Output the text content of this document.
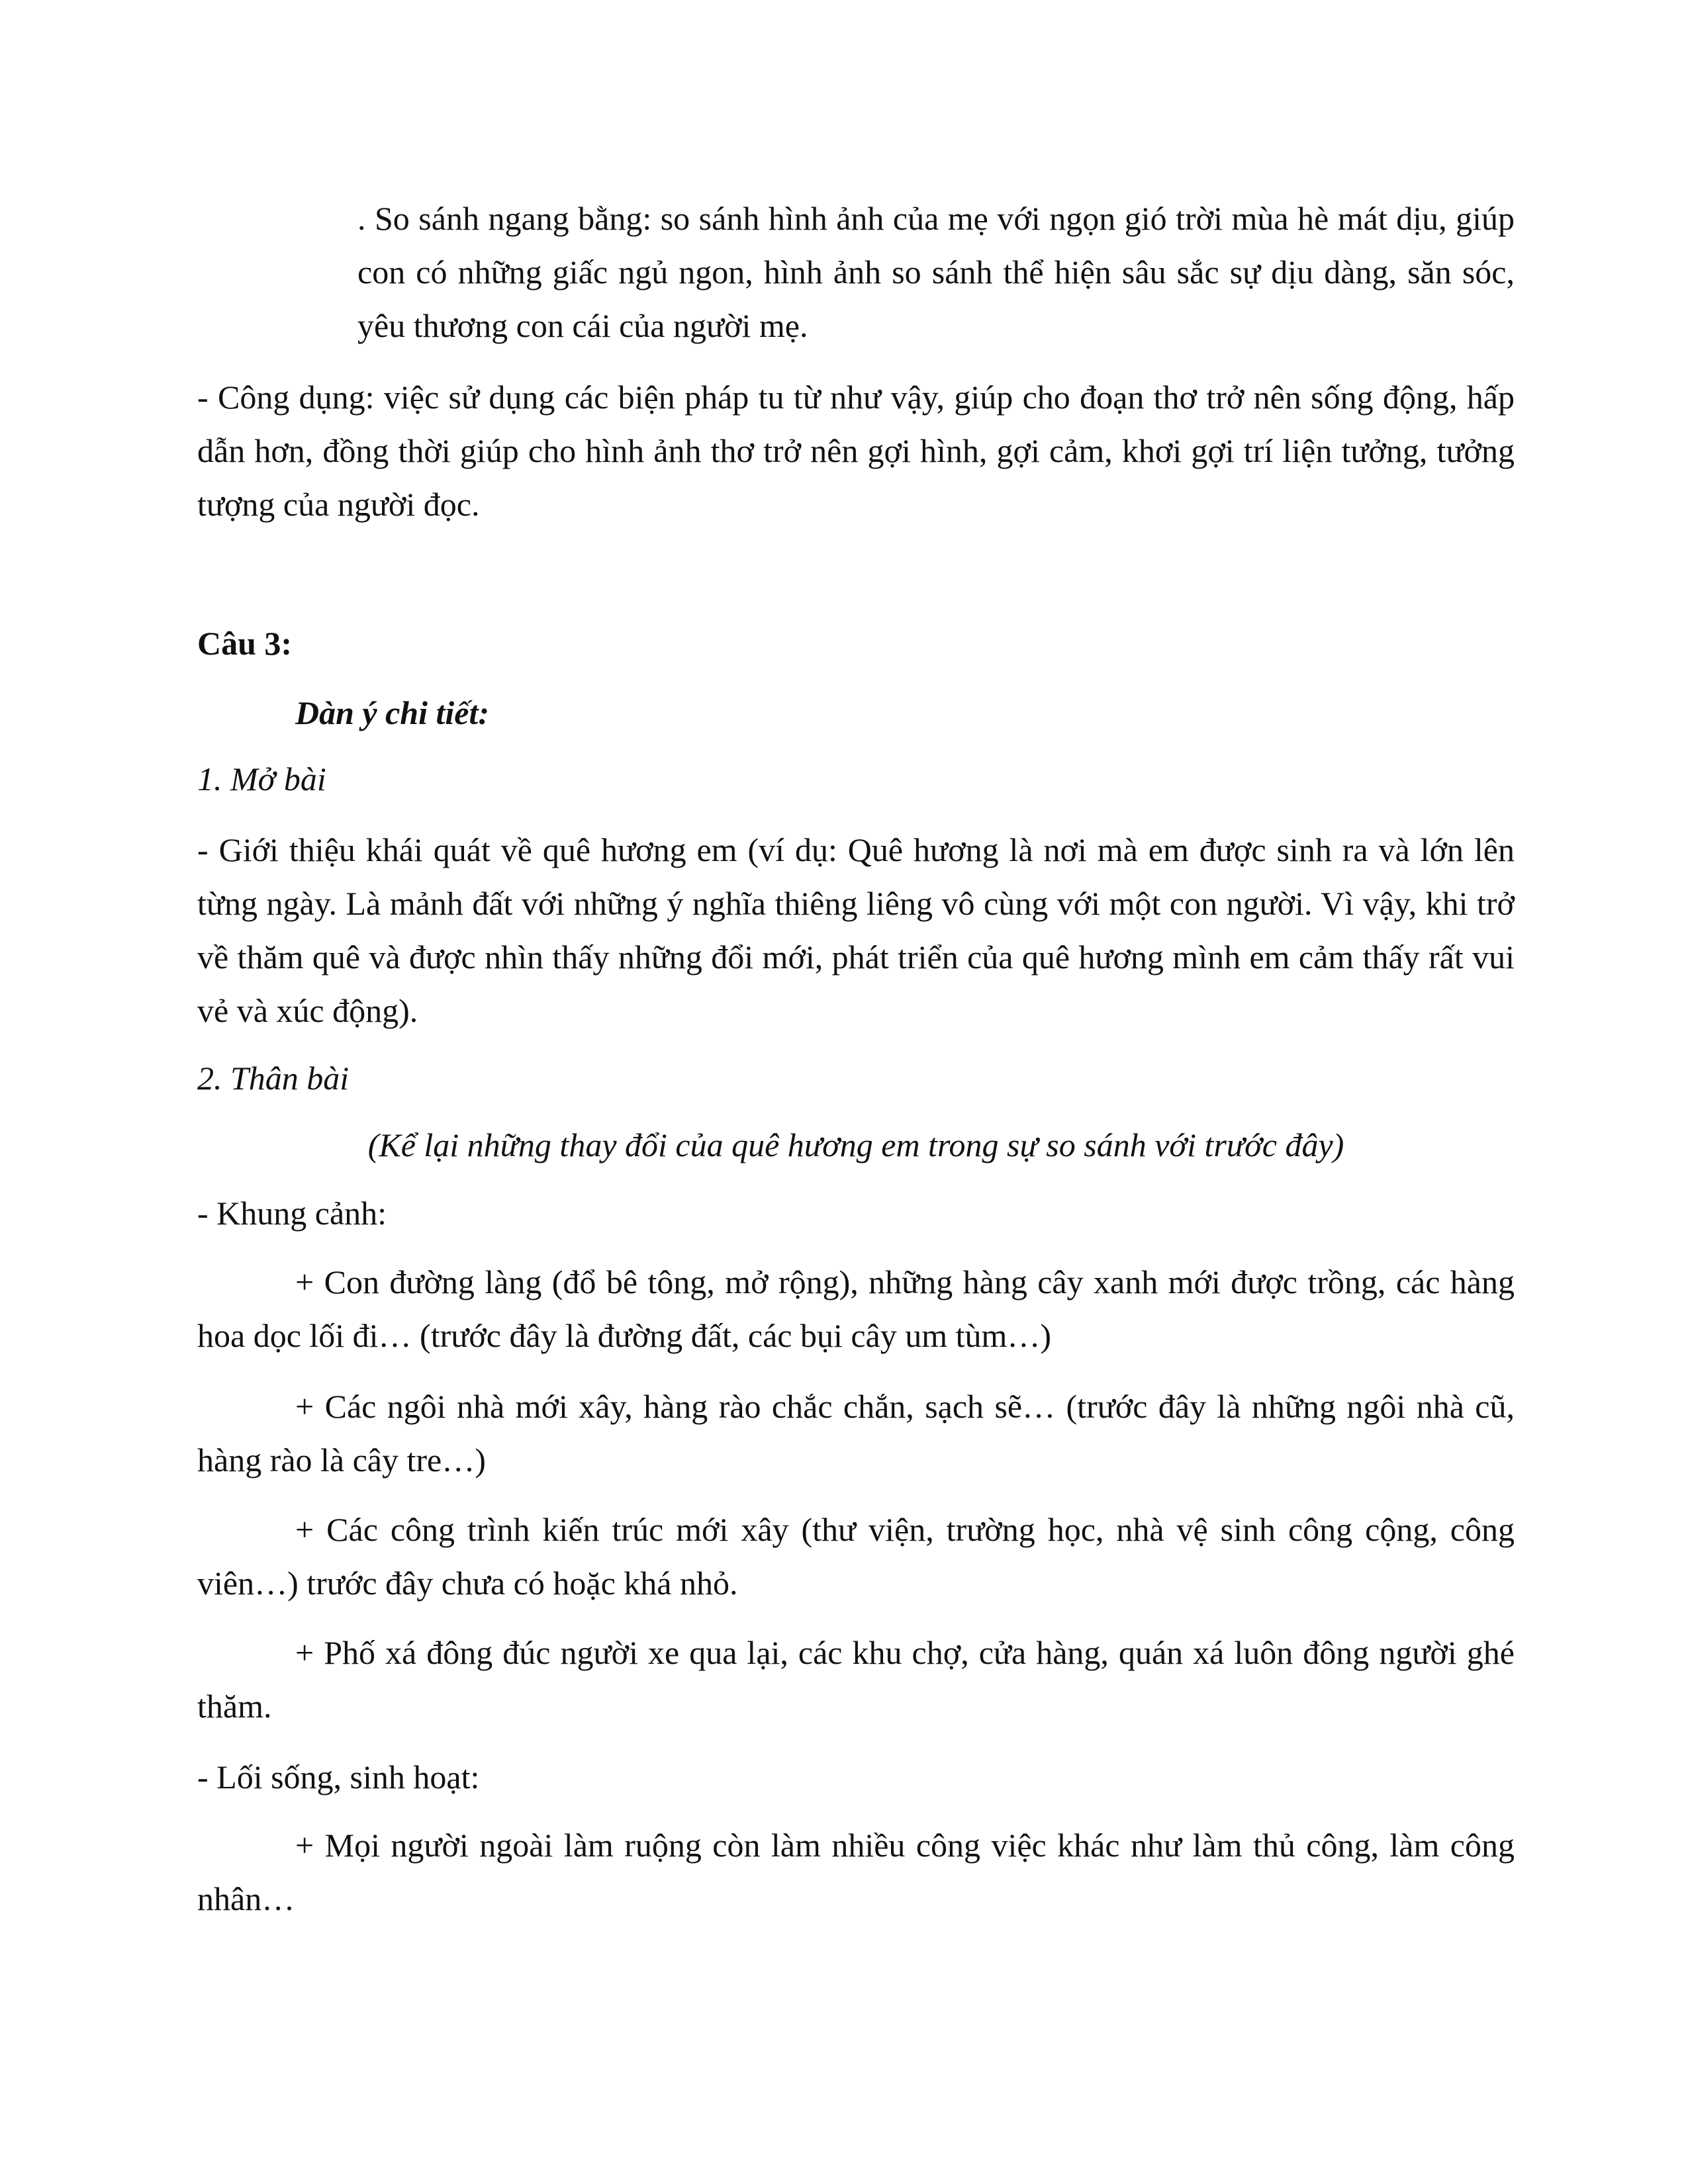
. So sánh ngang bằng: so sánh hình ảnh của mẹ với ngọn gió trời mùa hè mát dịu, giúp con có những giấc ngủ ngon, hình ảnh so sánh thể hiện sâu sắc sự dịu dàng, săn sóc, yêu thương con cái của người mẹ.

- Công dụng: việc sử dụng các biện pháp tu từ như vậy, giúp cho đoạn thơ trở nên sống động, hấp dẫn hơn, đồng thời giúp cho hình ảnh thơ trở nên gợi hình, gợi cảm, khơi gợi trí liện tưởng, tưởng tượng của người đọc.

Câu 3:

Dàn ý chi tiết:

1. Mở bài

- Giới thiệu khái quát về quê hương em (ví dụ: Quê hương là nơi mà em được sinh ra và lớn lên từng ngày. Là mảnh đất với những ý nghĩa thiêng liêng vô cùng với một con người. Vì vậy, khi trở về thăm quê và được nhìn thấy những đổi mới, phát triển của quê hương mình em cảm thấy rất vui vẻ và xúc động).

2. Thân bài

(Kể lại những thay đổi của quê hương em trong sự so sánh với trước đây)

- Khung cảnh:

+ Con đường làng (đổ bê tông, mở rộng), những hàng cây xanh mới được trồng, các hàng hoa dọc lối đi… (trước đây là đường đất, các bụi cây um tùm…)

+ Các ngôi nhà mới xây, hàng rào chắc chắn, sạch sẽ… (trước đây là những ngôi nhà cũ, hàng rào là cây tre…)

+ Các công trình kiến trúc mới xây (thư viện, trường học, nhà vệ sinh công cộng, công viên…) trước đây chưa có hoặc khá nhỏ.

+ Phố xá đông đúc người xe qua lại, các khu chợ, cửa hàng, quán xá luôn đông người ghé thăm.

- Lối sống, sinh hoạt:

+ Mọi người ngoài làm ruộng còn làm nhiều công việc khác như làm thủ công, làm công nhân…
